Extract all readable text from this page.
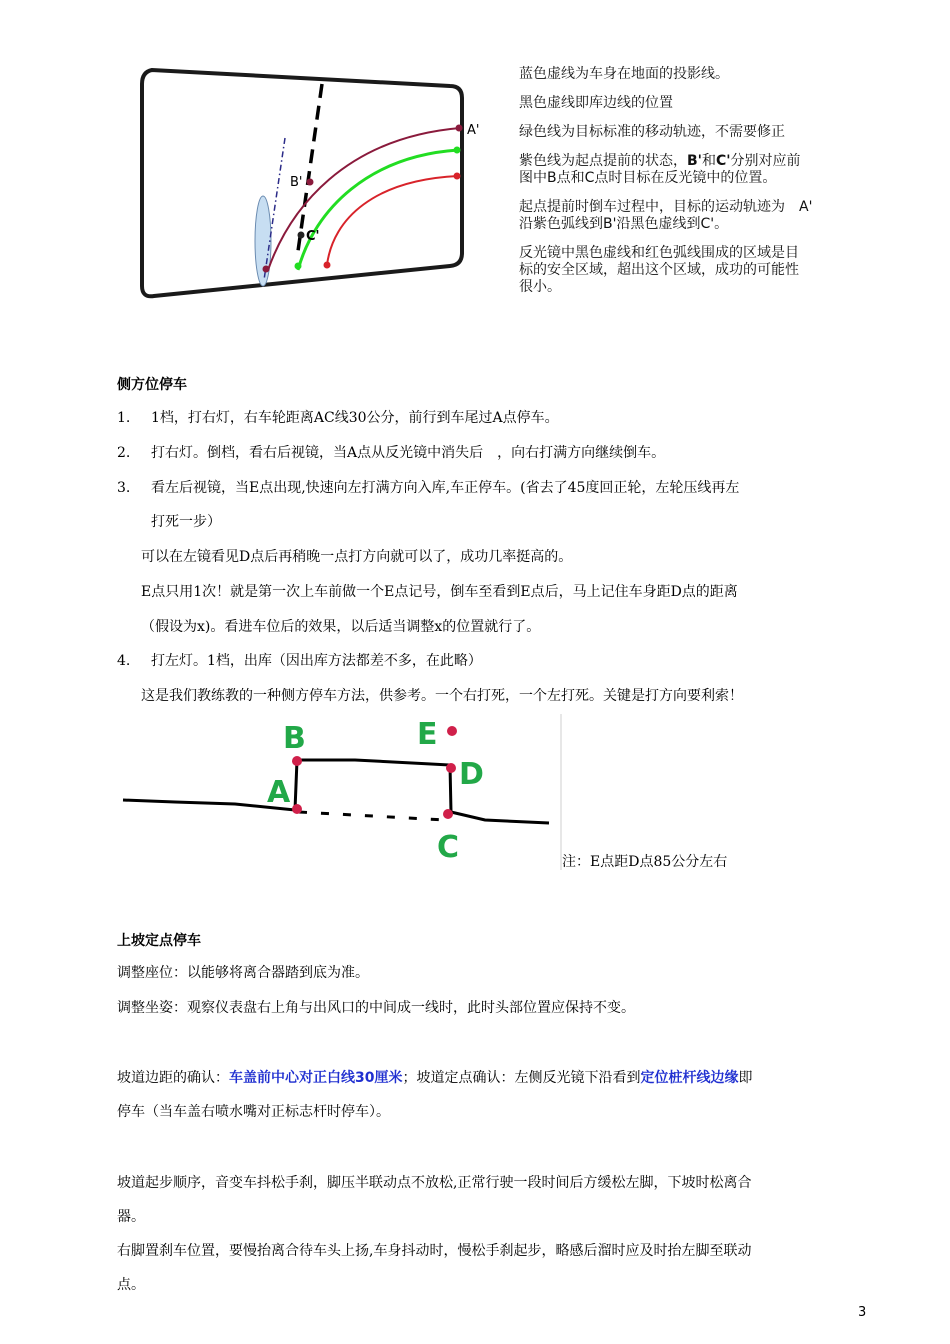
A'
B'
C'
蓝色虚线为车身在地面的投影线。
黑色虚线即库边线的位置
绿色线为目标标准的移动轨迹，不需要修正
紫色线为起点提前的状态，B'和C'分别对应前
图中B点和C点时目标在反光镜中的位置。
起点提前时倒车过程中，目标的运动轨迹为　A'
沿紫色弧线到B'沿黑色虚线到C'。
反光镜中黑色虚线和红色弧线围成的区域是目
标的安全区域，超出这个区域，成功的可能性
很小。
侧方位停车
1. 1档，打右灯，右车轮距离AC线30公分，前行到车尾过A点停车。
2. 打右灯。倒档，看右后视镜，当A点从反光镜中消失后　，向右打满方向继续倒车。
3. 看左后视镜，当E点出现,快速向左打满方向入库,车正停车。(省去了45度回正轮，左轮压线再左
打死一步）
可以在左镜看见D点后再稍晚一点打方向就可以了，成功几率挺高的。
E点只用1次！就是第一次上车前做一个E点记号，倒车至看到E点后，马上记住车身距D点的距离
（假设为x)。看进车位后的效果，以后适当调整x的位置就行了。
4. 打左灯。1档，出库（因出库方法都差不多，在此略）
这是我们教练教的一种侧方停车方法，供参考。一个右打死，一个左打死。关键是打方向要利索！
A
B
C
D
E
注：E点距D点85公分左右
上坡定点停车
调整座位：以能够将离合器踏到底为准。
调整坐姿：观察仪表盘右上角与出风口的中间成一线时，此时头部位置应保持不变。
坡道边距的确认：车盖前中心对正白线30厘米；坡道定点确认：左侧反光镜下沿看到定位桩杆线边缘即
停车（当车盖右喷水嘴对正标志杆时停车）。
坡道起步顺序，音变车抖松手刹，脚压半联动点不放松,正常行驶一段时间后方缓松左脚，下坡时松离合
器。
右脚置刹车位置，要慢抬离合待车头上扬,车身抖动时，慢松手刹起步，略感后溜时应及时抬左脚至联动
点。
3
